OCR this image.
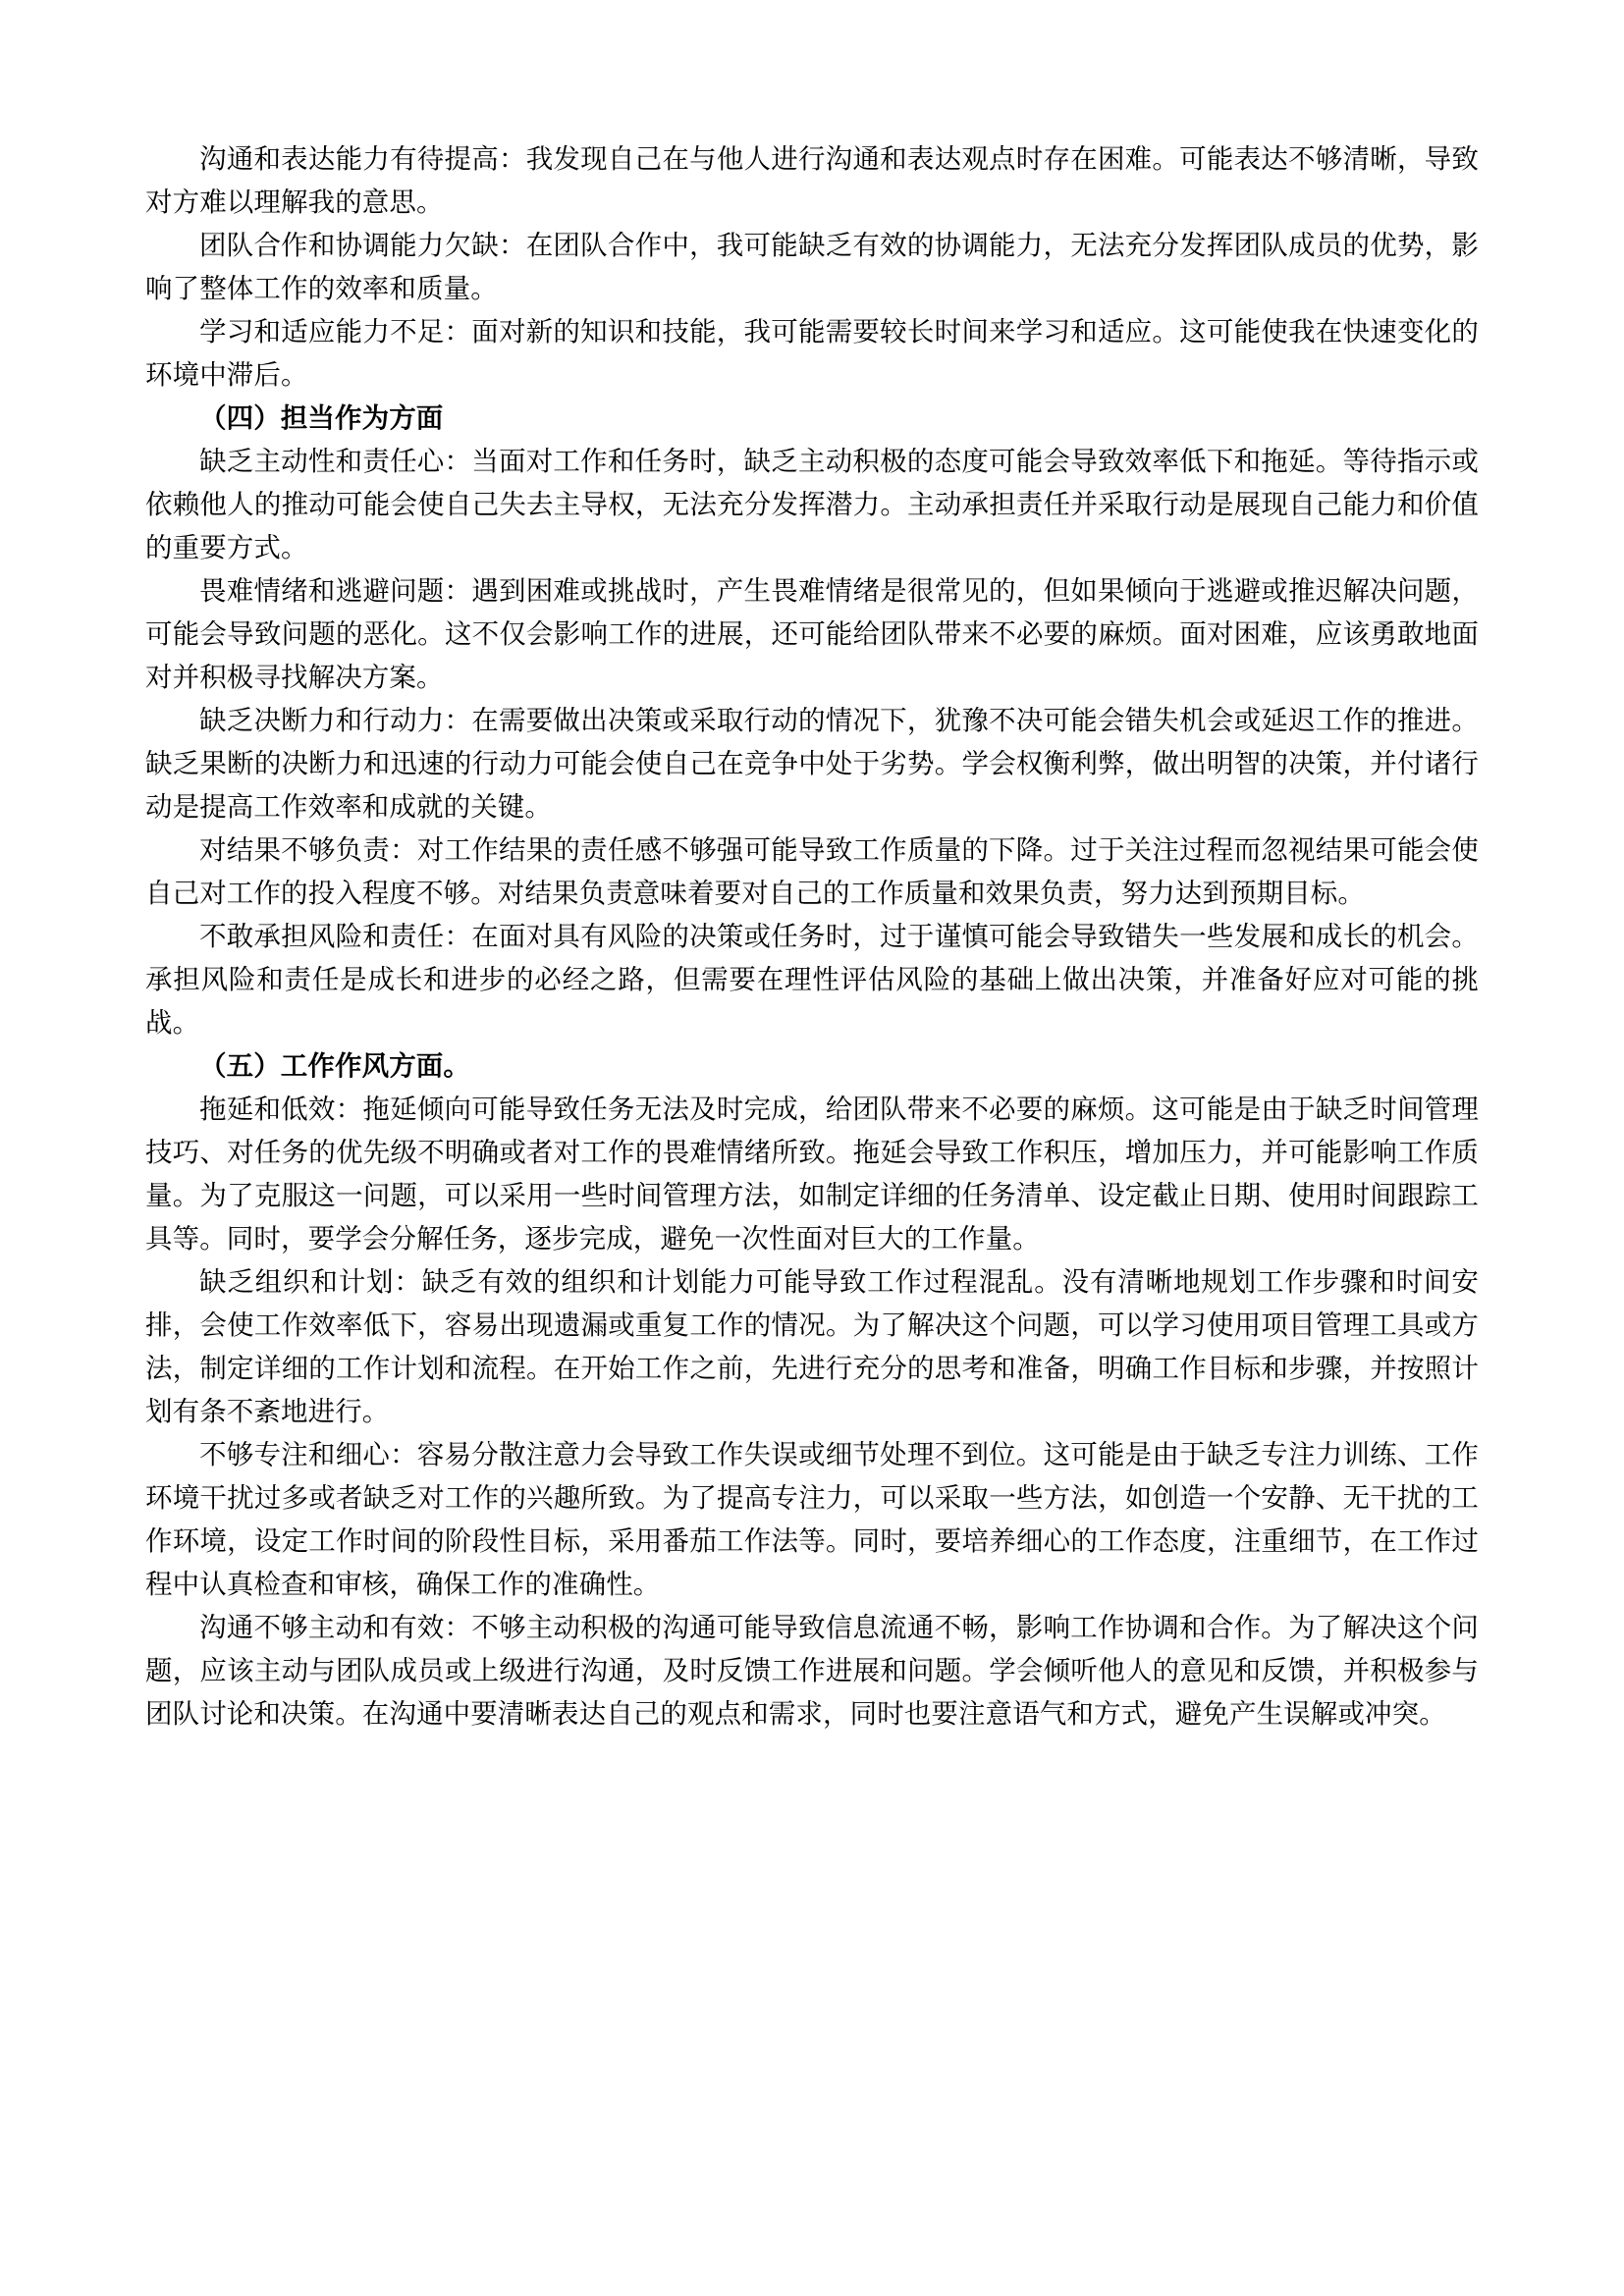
沟通和表达能力有待提高：我发现自己在与他人进行沟通和表达观点时存在困难。可能表达不够清晰，导致对方难以理解我的意思。

团队合作和协调能力欠缺：在团队合作中，我可能缺乏有效的协调能力，无法充分发挥团队成员的优势，影响了整体工作的效率和质量。

学习和适应能力不足：面对新的知识和技能，我可能需要较长时间来学习和适应。这可能使我在快速变化的环境中滞后。

（四）担当作为方面

缺乏主动性和责任心：当面对工作和任务时，缺乏主动积极的态度可能会导致效率低下和拖延。等待指示或依赖他人的推动可能会使自己失去主导权，无法充分发挥潜力。主动承担责任并采取行动是展现自己能力和价值的重要方式。

畏难情绪和逃避问题：遇到困难或挑战时，产生畏难情绪是很常见的，但如果倾向于逃避或推迟解决问题，可能会导致问题的恶化。这不仅会影响工作的进展，还可能给团队带来不必要的麻烦。面对困难，应该勇敢地面对并积极寻找解决方案。

缺乏决断力和行动力：在需要做出决策或采取行动的情况下，犹豫不决可能会错失机会或延迟工作的推进。缺乏果断的决断力和迅速的行动力可能会使自己在竞争中处于劣势。学会权衡利弊，做出明智的决策，并付诸行动是提高工作效率和成就的关键。

对结果不够负责：对工作结果的责任感不够强可能导致工作质量的下降。过于关注过程而忽视结果可能会使自己对工作的投入程度不够。对结果负责意味着要对自己的工作质量和效果负责，努力达到预期目标。

不敢承担风险和责任：在面对具有风险的决策或任务时，过于谨慎可能会导致错失一些发展和成长的机会。承担风险和责任是成长和进步的必经之路，但需要在理性评估风险的基础上做出决策，并准备好应对可能的挑战。

（五）工作作风方面。

拖延和低效：拖延倾向可能导致任务无法及时完成，给团队带来不必要的麻烦。这可能是由于缺乏时间管理技巧、对任务的优先级不明确或者对工作的畏难情绪所致。拖延会导致工作积压，增加压力，并可能影响工作质量。为了克服这一问题，可以采用一些时间管理方法，如制定详细的任务清单、设定截止日期、使用时间跟踪工具等。同时，要学会分解任务，逐步完成，避免一次性面对巨大的工作量。

缺乏组织和计划：缺乏有效的组织和计划能力可能导致工作过程混乱。没有清晰地规划工作步骤和时间安排，会使工作效率低下，容易出现遗漏或重复工作的情况。为了解决这个问题，可以学习使用项目管理工具或方法，制定详细的工作计划和流程。在开始工作之前，先进行充分的思考和准备，明确工作目标和步骤，并按照计划有条不紊地进行。

不够专注和细心：容易分散注意力会导致工作失误或细节处理不到位。这可能是由于缺乏专注力训练、工作环境干扰过多或者缺乏对工作的兴趣所致。为了提高专注力，可以采取一些方法，如创造一个安静、无干扰的工作环境，设定工作时间的阶段性目标，采用番茄工作法等。同时，要培养细心的工作态度，注重细节，在工作过程中认真检查和审核，确保工作的准确性。

沟通不够主动和有效：不够主动积极的沟通可能导致信息流通不畅，影响工作协调和合作。为了解决这个问题，应该主动与团队成员或上级进行沟通，及时反馈工作进展和问题。学会倾听他人的意见和反馈，并积极参与团队讨论和决策。在沟通中要清晰表达自己的观点和需求，同时也要注意语气和方式，避免产生误解或冲突。
